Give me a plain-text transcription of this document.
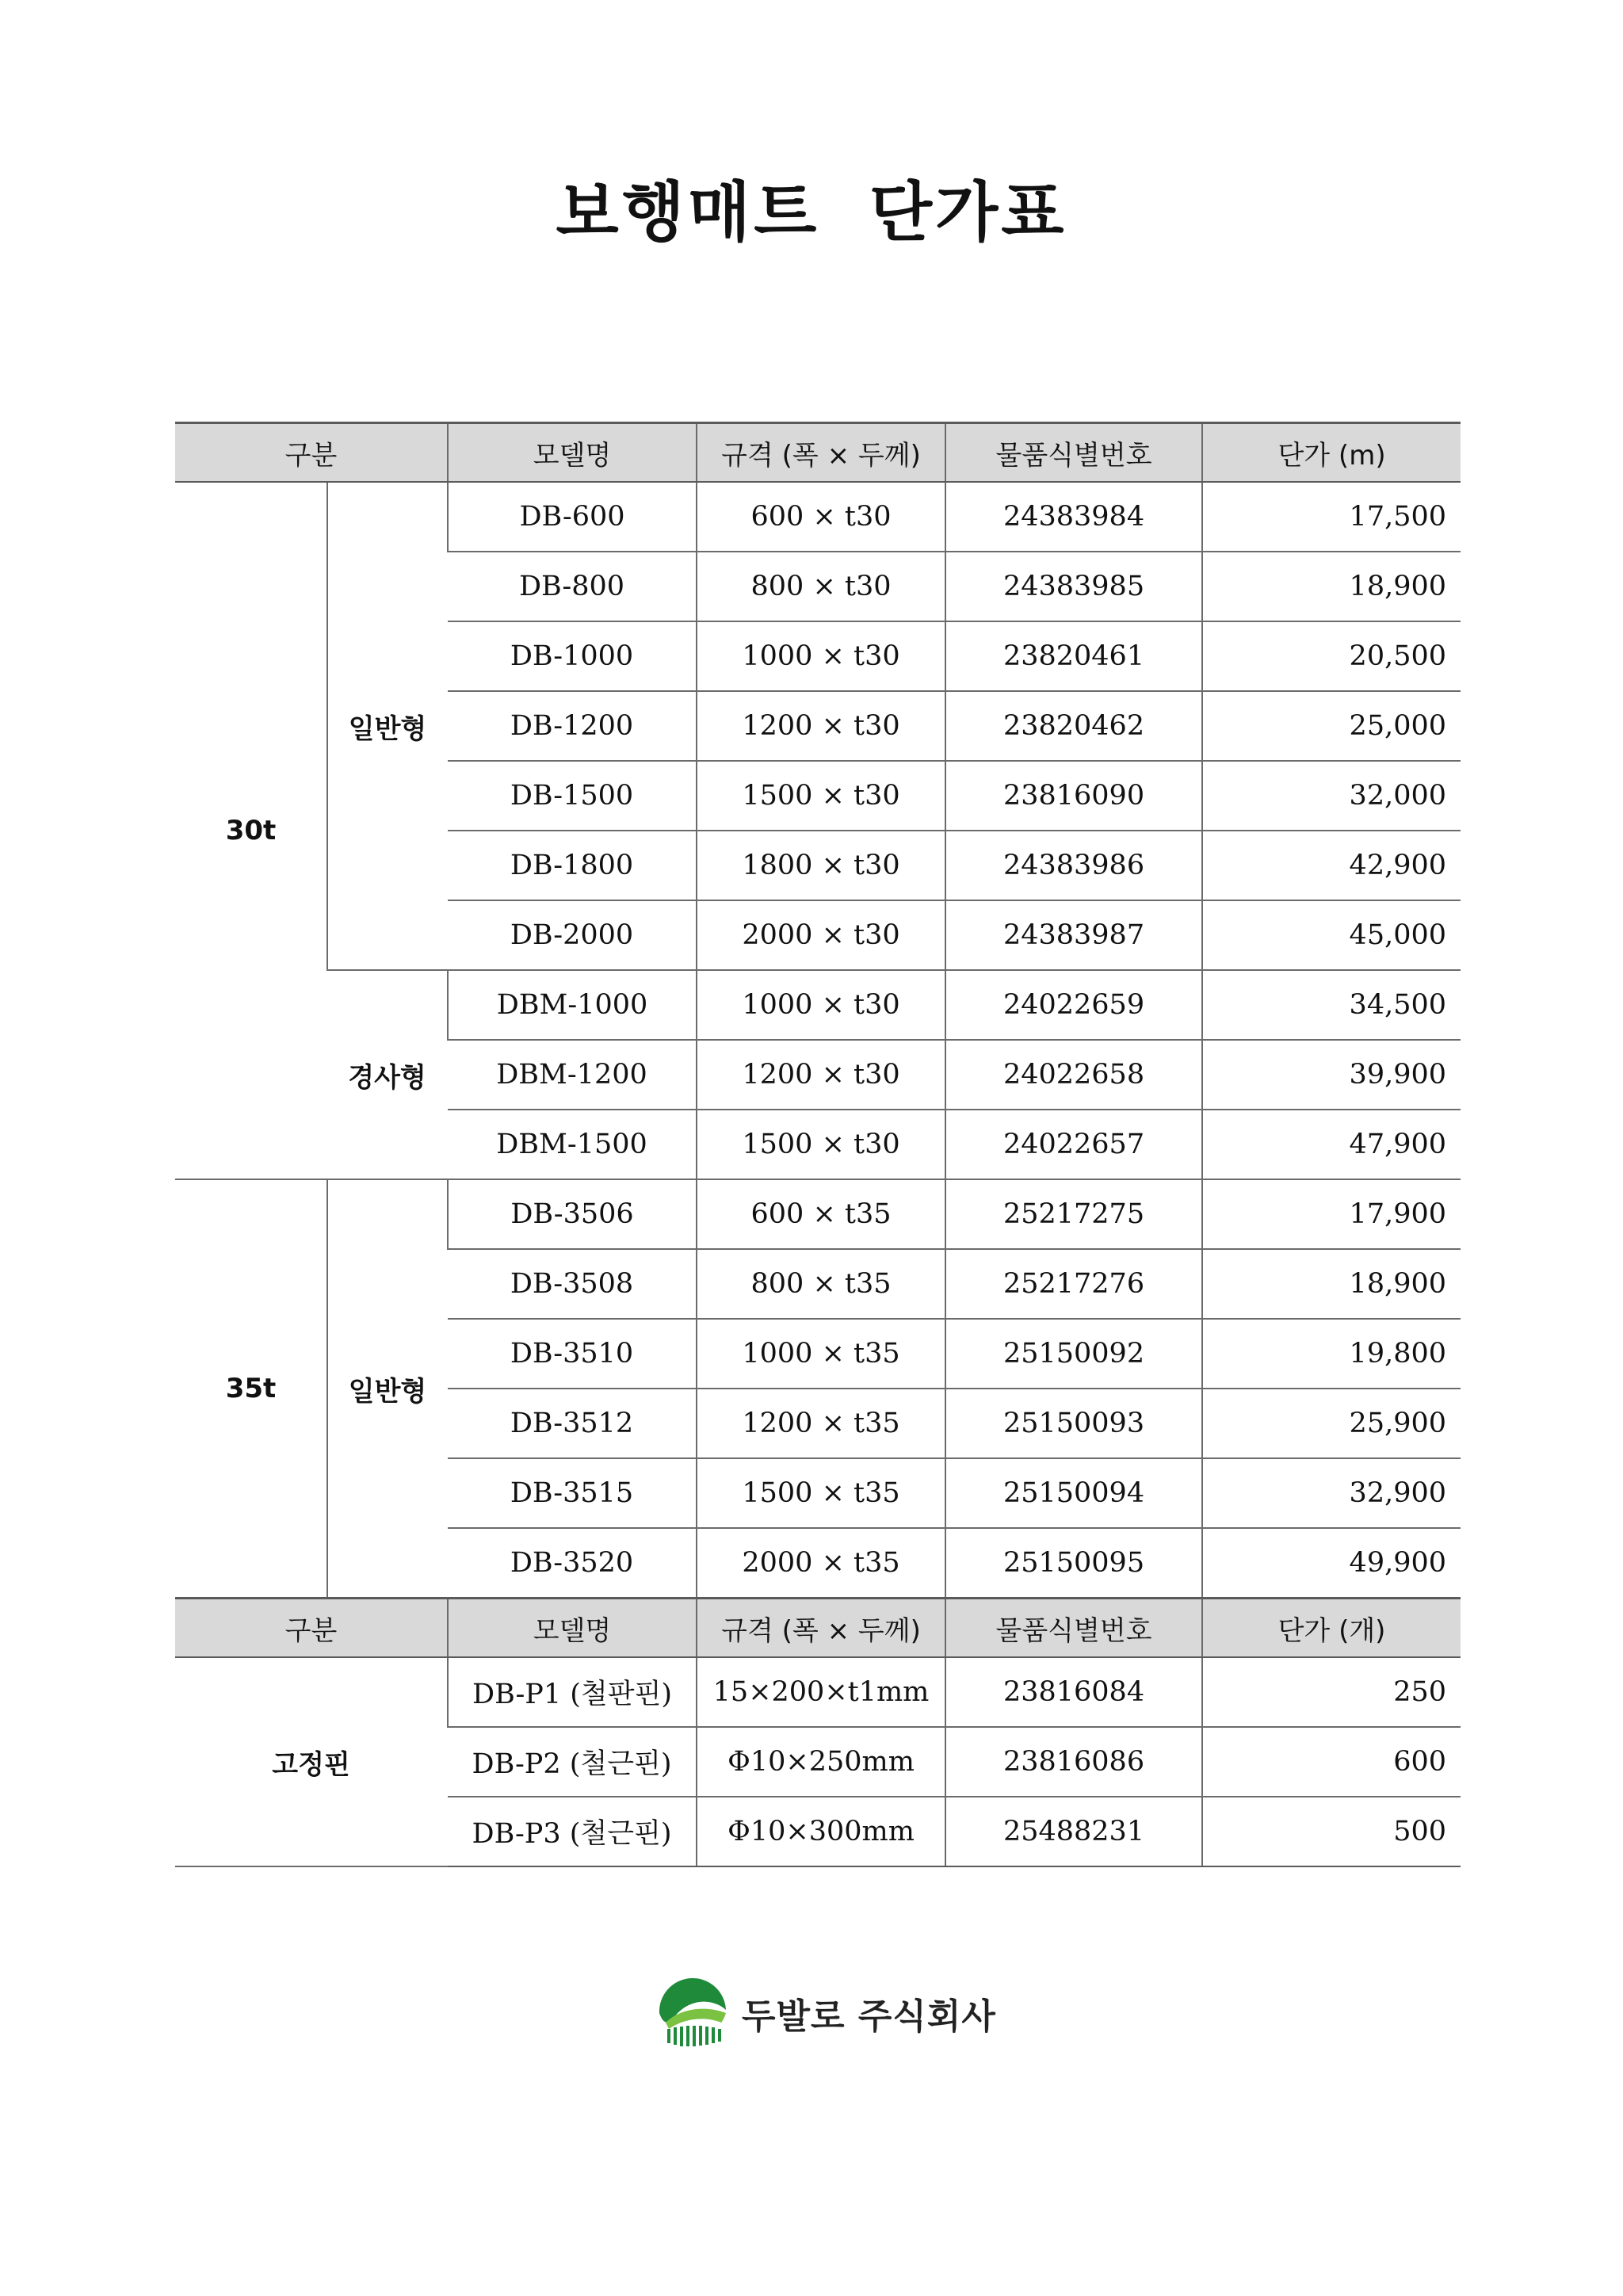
보행매트 단가표
구분		모델명	규격 (폭 × 두께)	물품식별번호	단가 (m)
30t	일반형	DB-600	600 × t30	24383984	17,500
		DB-800	800 × t30	24383985	18,900
		DB-1000	1000 × t30	23820461	20,500
		DB-1200	1200 × t30	23820462	25,000
		DB-1500	1500 × t30	23816090	32,000
		DB-1800	1800 × t30	24383986	42,900
		DB-2000	2000 × t30	24383987	45,000
	경사형	DBM-1000	1000 × t30	24022659	34,500
		DBM-1200	1200 × t30	24022658	39,900
		DBM-1500	1500 × t30	24022657	47,900
35t	일반형	DB-3506	600 × t35	25217275	17,900
		DB-3508	800 × t35	25217276	18,900
		DB-3510	1000 × t35	25150092	19,800
		DB-3512	1200 × t35	25150093	25,900
		DB-3515	1500 × t35	25150094	32,900
		DB-3520	2000 × t35	25150095	49,900
구분		모델명	규격 (폭 × 두께)	물품식별번호	단가 (개)
고정핀		DB-P1 (철판핀)	15×200×t1mm	23816084	250
		DB-P2 (철근핀)	Φ10×250mm	23816086	600
		DB-P3 (철근핀)	Φ10×300mm	25488231	500
두발로 주식회사
